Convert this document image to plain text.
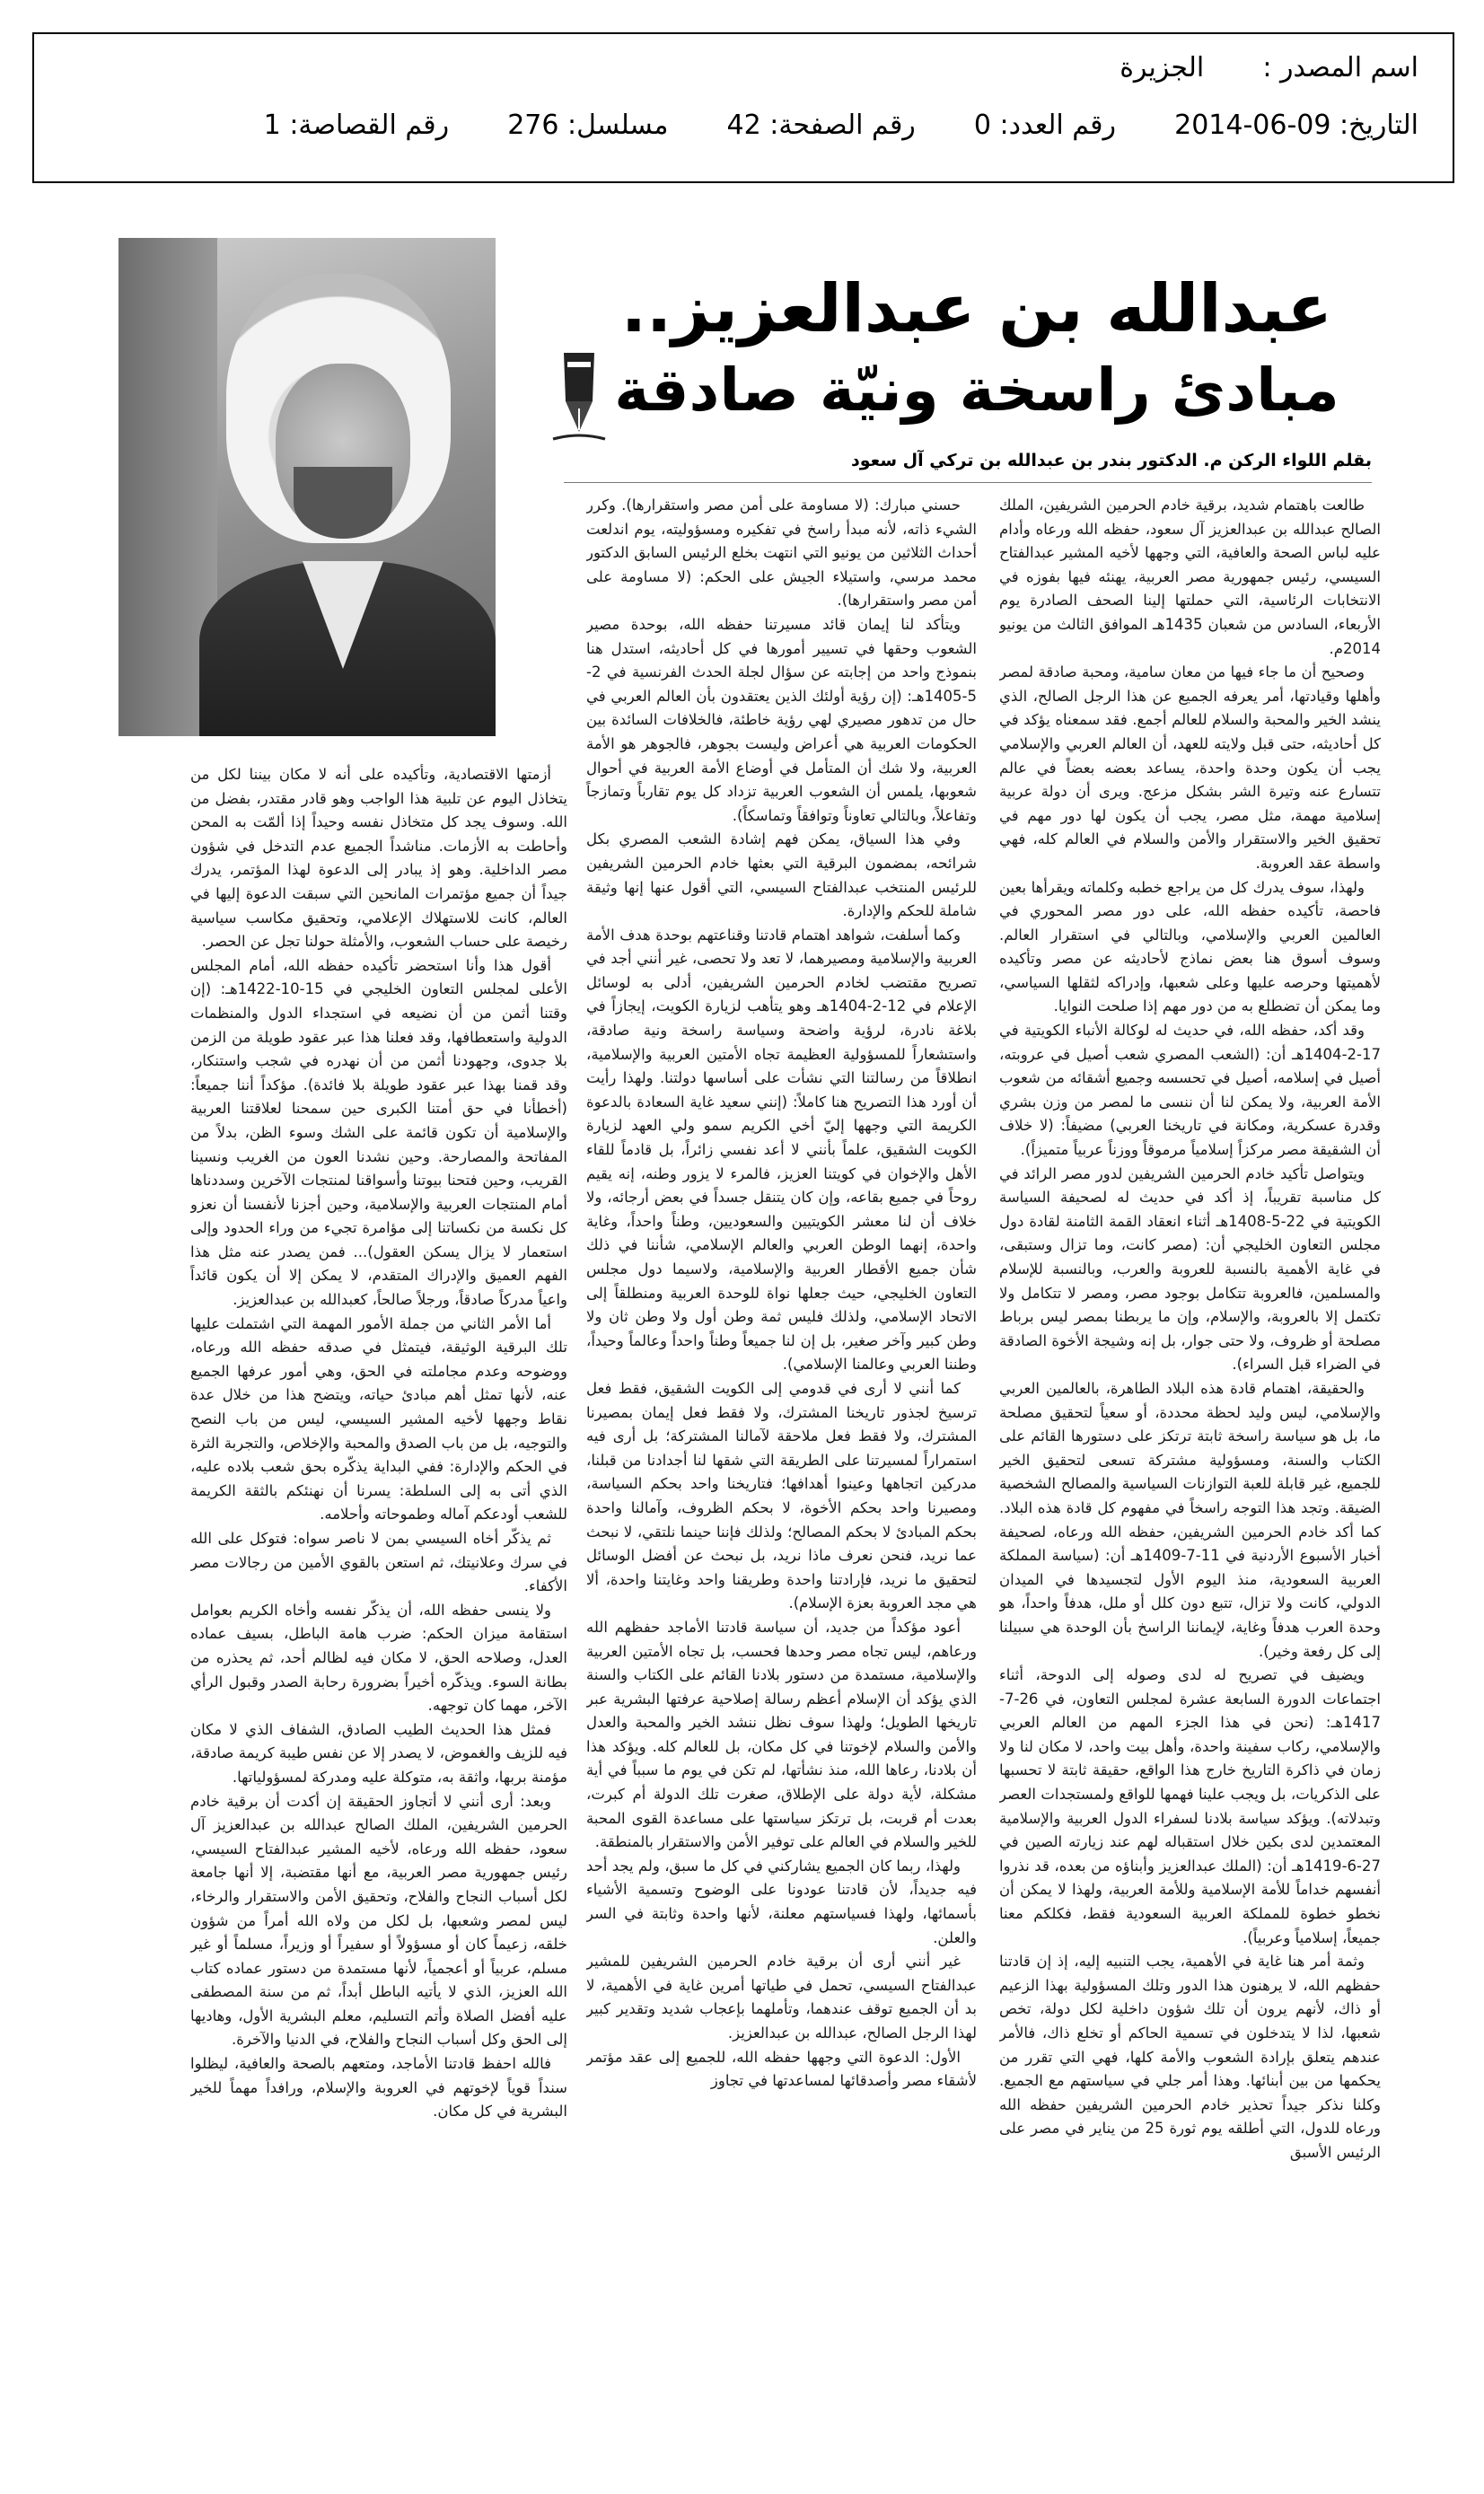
اسم المصدر :  الجزيرة
التاريخ: 2014-06-09  رقم العدد: 0  رقم الصفحة: 42  مسلسل: 276  رقم القصاصة: 1
عبدالله بن عبدالعزيز..
مبادئ راسخة ونيّة صادقة
بقلم اللواء الركن م. الدكتور بندر بن عبدالله بن تركي آل سعود

طالعت باهتمام شديد، برقية خادم الحرمين الشريفين، الملك الصالح عبدالله بن عبدالعزيز آل سعود، حفظه الله ورعاه وأدام عليه لباس الصحة والعافية، التي وجهها لأخيه المشير عبدالفتاح السيسي، رئيس جمهورية مصر العربية، يهنئه فيها بفوزه في الانتخابات الرئاسية، التي حملتها إلينا الصحف الصادرة يوم الأربعاء، السادس من شعبان 1435هـ الموافق الثالث من يونيو 2014م.

وصحيح أن ما جاء فيها من معان سامية، ومحبة صادقة لمصر وأهلها وقيادتها، أمر يعرفه الجميع عن هذا الرجل الصالح، الذي ينشد الخير والمحبة والسلام للعالم أجمع. فقد سمعناه يؤكد في كل أحاديثه، حتى قبل ولايته للعهد، أن العالم العربي والإسلامي يجب أن يكون وحدة واحدة، يساعد بعضه بعضاً في عالم تتسارع عنه وتيرة الشر بشكل مزعج. ويرى أن دولة عربية إسلامية مهمة، مثل مصر، يجب أن يكون لها دور مهم في تحقيق الخير والاستقرار والأمن والسلام في العالم كله، فهي واسطة عقد العروبة.

ولهذا، سوف يدرك كل من يراجع خطبه وكلماته ويقرأها بعين فاحصة، تأكيده حفظه الله، على دور مصر المحوري في العالمين العربي والإسلامي، وبالتالي في استقرار العالم. وسوف أسوق هنا بعض نماذج لأحاديثه عن مصر وتأكيده لأهميتها وحرصه عليها وعلى شعبها، وإدراكه لثقلها السياسي، وما يمكن أن تضطلع به من دور مهم إذا صلحت النوايا.

وقد أكد، حفظه الله، في حديث له لوكالة الأنباء الكويتية في 17-2-1404هـ أن: (الشعب المصري شعب أصيل في عروبته، أصيل في إسلامه، أصيل في تحسسه وجميع أشقائه من شعوب الأمة العربية، ولا يمكن لنا أن ننسى ما لمصر من وزن بشري وقدرة عسكرية، ومكانة في تاريخنا العربي) مضيفاً: (لا خلاف أن الشقيقة مصر مركزاً إسلامياً مرموقاً ووزناً عربياً متميزاً).

ويتواصل تأكيد خادم الحرمين الشريفين لدور مصر الرائد في كل مناسبة تقريباً، إذ أكد في حديث له لصحيفة السياسة الكويتية في 22-5-1408هـ أثناء انعقاد القمة الثامنة لقادة دول مجلس التعاون الخليجي أن: (مصر كانت، وما تزال وستبقى، في غاية الأهمية بالنسبة للعروبة والعرب، وبالنسبة للإسلام والمسلمين، فالعروبة تتكامل بوجود مصر، ومصر لا تتكامل ولا تكتمل إلا بالعروبة، والإسلام، وإن ما يربطنا بمصر ليس برباط مصلحة أو ظروف، ولا حتى جوار، بل إنه وشيجة الأخوة الصادقة في الضراء قبل السراء).

والحقيقة، اهتمام قادة هذه البلاد الطاهرة، بالعالمين العربي والإسلامي، ليس وليد لحظة محددة، أو سعياً لتحقيق مصلحة ما، بل هو سياسة راسخة ثابتة ترتكز على دستورها القائم على الكتاب والسنة، ومسؤولية مشتركة تسعى لتحقيق الخير للجميع، غير قابلة للعبة التوازنات السياسية والمصالح الشخصية الضيقة. وتجد هذا التوجه راسخاً في مفهوم كل قادة هذه البلاد. كما أكد خادم الحرمين الشريفين، حفظه الله ورعاه، لصحيفة أخبار الأسبوع الأردنية في 11-7-1409هـ أن: (سياسة المملكة العربية السعودية، منذ اليوم الأول لتجسيدها في الميدان الدولي، كانت ولا تزال، تتبع دون كلل أو ملل، هدفاً واحداً، هو وحدة العرب هدفاً وغاية، لإيماننا الراسخ بأن الوحدة هي سبيلنا إلى كل رفعة وخير).

ويضيف في تصريح له لدى وصوله إلى الدوحة، أثناء اجتماعات الدورة السابعة عشرة لمجلس التعاون، في 26-7-1417هـ: (نحن في هذا الجزء المهم من العالم العربي والإسلامي، ركاب سفينة واحدة، وأهل بيت واحد، لا مكان لنا ولا زمان في ذاكرة التاريخ خارج هذا الواقع، حقيقة ثابتة لا تحسبها على الذكريات، بل ويجب علينا فهمها للواقع ولمستجدات العصر وتبدلاته). ويؤكد سياسة بلادنا لسفراء الدول العربية والإسلامية المعتمدين لدى بكين خلال استقباله لهم عند زيارته الصين في 27-6-1419هـ أن: (الملك عبدالعزيز وأبناؤه من بعده، قد نذروا أنفسهم خداماً للأمة الإسلامية وللأمة العربية، ولهذا لا يمكن أن نخطو خطوة للمملكة العربية السعودية فقط، فكلكم معنا جميعاً، إسلامياً وعربياً).

وثمة أمر هنا غاية في الأهمية، يجب التنبيه إليه، إذ إن قادتنا حفظهم الله، لا يرهنون هذا الدور وتلك المسؤولية بهذا الزعيم أو ذاك، لأنهم يرون أن تلك شؤون داخلية لكل دولة، تخص شعبها، لذا لا يتدخلون في تسمية الحاكم أو تخلع ذاك، فالأمر عندهم يتعلق بإرادة الشعوب والأمة كلها، فهي التي تقرر من يحكمها من بين أبنائها. وهذا أمر جلي في سياستهم مع الجميع. وكلنا نذكر جيداً تحذير خادم الحرمين الشريفين حفظه الله ورعاه للدول، التي أطلقه يوم ثورة 25 من يناير في مصر على الرئيس الأسبق

حسني مبارك: (لا مساومة على أمن مصر واستقرارها). وكرر الشيء ذاته، لأنه مبدأ راسخ في تفكيره ومسؤوليته، يوم اندلعت أحداث الثلاثين من يونيو التي انتهت بخلع الرئيس السابق الدكتور محمد مرسي، واستيلاء الجيش على الحكم: (لا مساومة على أمن مصر واستقرارها).

ويتأكد لنا إيمان قائد مسيرتنا حفظه الله، بوحدة مصير الشعوب وحقها في تسيير أمورها في كل أحاديثه، استدل هنا بنموذج واحد من إجابته عن سؤال لجلة الحدث الفرنسية في 2-5-1405هـ: (إن رؤية أولئك الذين يعتقدون بأن العالم العربي في حال من تدهور مصيري لهي رؤية خاطئة، فالخلافات السائدة بين الحكومات العربية هي أعراض وليست بجوهر، فالجوهر هو الأمة العربية، ولا شك أن المتأمل في أوضاع الأمة العربية في أحوال شعوبها، يلمس أن الشعوب العربية تزداد كل يوم تقارباً وتمازجاً وتفاعلاً، وبالتالي تعاوناً وتوافقاً وتماسكاً).

وفي هذا السياق، يمكن فهم إشادة الشعب المصري بكل شرائحه، بمضمون البرقية التي بعثها خادم الحرمين الشريفين للرئيس المنتخب عبدالفتاح السيسي، التي أقول عنها إنها وثيقة شاملة للحكم والإدارة.

وكما أسلفت، شواهد اهتمام قادتنا وقناعتهم بوحدة هدف الأمة العربية والإسلامية ومصيرهما، لا تعد ولا تحصى، غير أنني أجد في تصريح مقتضب لخادم الحرمين الشريفين، أدلى به لوسائل الإعلام في 12-2-1404هـ وهو يتأهب لزيارة الكويت، إيجازاً في بلاغة نادرة، لرؤية واضحة وسياسة راسخة ونية صادقة، واستشعاراً للمسؤولية العظيمة تجاه الأمتين العربية والإسلامية، انطلاقاً من رسالتنا التي نشأت على أساسها دولتنا. ولهذا رأيت أن أورد هذا التصريح هنا كاملاً: (إنني سعيد غاية السعادة بالدعوة الكريمة التي وجهها إليّ أخي الكريم سمو ولي العهد لزيارة الكويت الشقيق، علماً بأنني لا أعد نفسي زائراً، بل قادماً للقاء الأهل والإخوان في كويتنا العزيز، فالمرء لا يزور وطنه، إنه يقيم روحاً في جميع بقاعه، وإن كان يتنقل جسداً في بعض أرجائه، ولا خلاف أن لنا معشر الكويتيين والسعوديين، وطناً واحداً، وغاية واحدة، إنهما الوطن العربي والعالم الإسلامي، شأننا في ذلك شأن جميع الأقطار العربية والإسلامية، ولاسيما دول مجلس التعاون الخليجي، حيث جعلها نواة للوحدة العربية ومنطلقاً إلى الاتحاد الإسلامي، ولذلك فليس ثمة وطن أول ولا وطن ثان ولا وطن كبير وآخر صغير، بل إن لنا جميعاً وطناً واحداً وعالماً وحيداً، وطننا العربي وعالمنا الإسلامي).

كما أنني لا أرى في قدومي إلى الكويت الشقيق، فقط فعل ترسيخ لجذور تاريخنا المشترك، ولا فقط فعل إيمان بمصيرنا المشترك، ولا فقط فعل ملاحقة لآمالنا المشتركة؛ بل أرى فيه استمراراً لمسيرتنا على الطريقة التي شقها لنا أجدادنا من قبلنا، مدركين اتجاهها وعينوا أهدافها؛ فتاريخنا واحد بحكم السياسة، ومصيرنا واحد بحكم الأخوة، لا بحكم الظروف، وآمالنا واحدة بحكم المبادئ لا بحكم المصالح؛ ولذلك فإننا حينما نلتقي، لا نبحث عما نريد، فنحن نعرف ماذا نريد، بل نبحث عن أفضل الوسائل لتحقيق ما نريد، فإرادتنا واحدة وطريقنا واحد وغايتنا واحدة، ألا هي مجد العروبة بعزة الإسلام).

أعود مؤكداً من جديد، أن سياسة قادتنا الأماجد حفظهم الله ورعاهم، ليس تجاه مصر وحدها فحسب، بل تجاه الأمتين العربية والإسلامية، مستمدة من دستور بلادنا القائم على الكتاب والسنة الذي يؤكد أن الإسلام أعظم رسالة إصلاحية عرفتها البشرية عبر تاريخها الطويل؛ ولهذا سوف نظل ننشد الخير والمحبة والعدل والأمن والسلام لإخوتنا في كل مكان، بل للعالم كله. ويؤكد هذا أن بلادنا، رعاها الله، منذ نشأتها، لم تكن في يوم ما سبباً في أية مشكلة، لأية دولة على الإطلاق، صغرت تلك الدولة أم كبرت، بعدت أم قربت، بل ترتكز سياستها على مساعدة القوى المحبة للخير والسلام في العالم على توفير الأمن والاستقرار بالمنطقة.

ولهذا، ربما كان الجميع يشاركني في كل ما سبق، ولم يجد أحد فيه جديداً، لأن قادتنا عودونا على الوضوح وتسمية الأشياء بأسمائها، ولهذا فسياستهم معلنة، لأنها واحدة وثابتة في السر والعلن.

غير أنني أرى أن برقية خادم الحرمين الشريفين للمشير عبدالفتاح السيسي، تحمل في طياتها أمرين غاية في الأهمية، لا بد أن الجميع توقف عندهما، وتأملهما بإعجاب شديد وتقدير كبير لهذا الرجل الصالح، عبدالله بن عبدالعزيز.

الأول: الدعوة التي وجهها حفظه الله، للجميع إلى عقد مؤتمر لأشقاء مصر وأصدقائها لمساعدتها في تجاوز

أزمتها الاقتصادية، وتأكيده على أنه لا مكان بيننا لكل من يتخاذل اليوم عن تلبية هذا الواجب وهو قادر مقتدر، بفضل من الله. وسوف يجد كل متخاذل نفسه وحيداً إذا ألمّت به المحن وأحاطت به الأزمات. مناشداً الجميع عدم التدخل في شؤون مصر الداخلية. وهو إذ يبادر إلى الدعوة لهذا المؤتمر، يدرك جيداً أن جميع مؤتمرات المانحين التي سبقت الدعوة إليها في العالم، كانت للاستهلاك الإعلامي، وتحقيق مكاسب سياسية رخيصة على حساب الشعوب، والأمثلة حولنا تجل عن الحصر.

أقول هذا وأنا استحضر تأكيده حفظه الله، أمام المجلس الأعلى لمجلس التعاون الخليجي في 15-10-1422هـ: (إن وقتنا أثمن من أن نضيعه في استجداء الدول والمنظمات الدولية واستعطافها، وقد فعلنا هذا عبر عقود طويلة من الزمن بلا جدوى، وجهودنا أثمن من أن نهدره في شجب واستنكار، وقد قمنا بهذا عبر عقود طويلة بلا فائدة). مؤكداً أننا جميعاً: (أخطأنا في حق أمتنا الكبرى حين سمحنا لعلاقتنا العربية والإسلامية أن تكون قائمة على الشك وسوء الظن، بدلاً من المفاتحة والمصارحة. وحين نشدنا العون من الغريب ونسينا القريب، وحين فتحنا بيوتنا وأسواقنا لمنتجات الآخرين وسددناها أمام المنتجات العربية والإسلامية، وحين أجزنا لأنفسنا أن نعزو كل نكسة من نكساتنا إلى مؤامرة تجيء من وراء الحدود وإلى استعمار لا يزال يسكن العقول)... فمن يصدر عنه مثل هذا الفهم العميق والإدراك المتقدم، لا يمكن إلا أن يكون قائداً واعياً مدركاً صادقاً، ورجلاً صالحاً، كعبدالله بن عبدالعزيز.

أما الأمر الثاني من جملة الأمور المهمة التي اشتملت عليها تلك البرقية الوثيقة، فيتمثل في صدقه حفظه الله ورعاه، ووضوحه وعدم مجاملته في الحق، وهي أمور عرفها الجميع عنه، لأنها تمثل أهم مبادئ حياته، ويتضح هذا من خلال عدة نقاط وجهها لأخيه المشير السيسي، ليس من باب النصح والتوجيه، بل من باب الصدق والمحبة والإخلاص، والتجربة الثرة في الحكم والإدارة: ففي البداية يذكّره بحق شعب بلاده عليه، الذي أتى به إلى السلطة: يسرنا أن نهنئكم بالثقة الكريمة للشعب أودعكم آماله وطموحاته وأحلامه.

ثم يذكّر أخاه السيسي بمن لا ناصر سواه: فتوكل على الله في سرك وعلانيتك، ثم استعن بالقوي الأمين من رجالات مصر الأكفاء.

ولا ينسى حفظه الله، أن يذكّر نفسه وأخاه الكريم بعوامل استقامة ميزان الحكم: ضرب هامة الباطل، بسيف عماده العدل، وصلاحه الحق، لا مكان فيه لظالم أحد، ثم يحذره من بطانة السوء. ويذكّره أخيراً بضرورة رحابة الصدر وقبول الرأي الآخر، مهما كان توجهه.

فمثل هذا الحديث الطيب الصادق، الشفاف الذي لا مكان فيه للزيف والغموض، لا يصدر إلا عن نفس طيبة كريمة صادقة، مؤمنة بربها، واثقة به، متوكلة عليه ومدركة لمسؤولياتها.

وبعد: أرى أنني لا أتجاوز الحقيقة إن أكدت أن برقية خادم الحرمين الشريفين، الملك الصالح عبدالله بن عبدالعزيز آل سعود، حفظه الله ورعاه، لأخيه المشير عبدالفتاح السيسي، رئيس جمهورية مصر العربية، مع أنها مقتضبة، إلا أنها جامعة لكل أسباب النجاح والفلاح، وتحقيق الأمن والاستقرار والرخاء، ليس لمصر وشعبها، بل لكل من ولاه الله أمراً من شؤون خلقه، زعيماً كان أو مسؤولاً أو سفيراً أو وزيراً، مسلماً أو غير مسلم، عربياً أو أعجمياً، لأنها مستمدة من دستور عماده كتاب الله العزيز، الذي لا يأتيه الباطل أبداً، ثم من سنة المصطفى عليه أفضل الصلاة وأتم التسليم، معلم البشرية الأول، وهاديها إلى الحق وكل أسباب النجاح والفلاح، في الدنيا والآخرة.

فالله احفظ قادتنا الأماجد، ومتعهم بالصحة والعافية، ليظلوا سنداً قوياً لإخوتهم في العروبة والإسلام، ورافداً مهماً للخير البشرية في كل مكان.
